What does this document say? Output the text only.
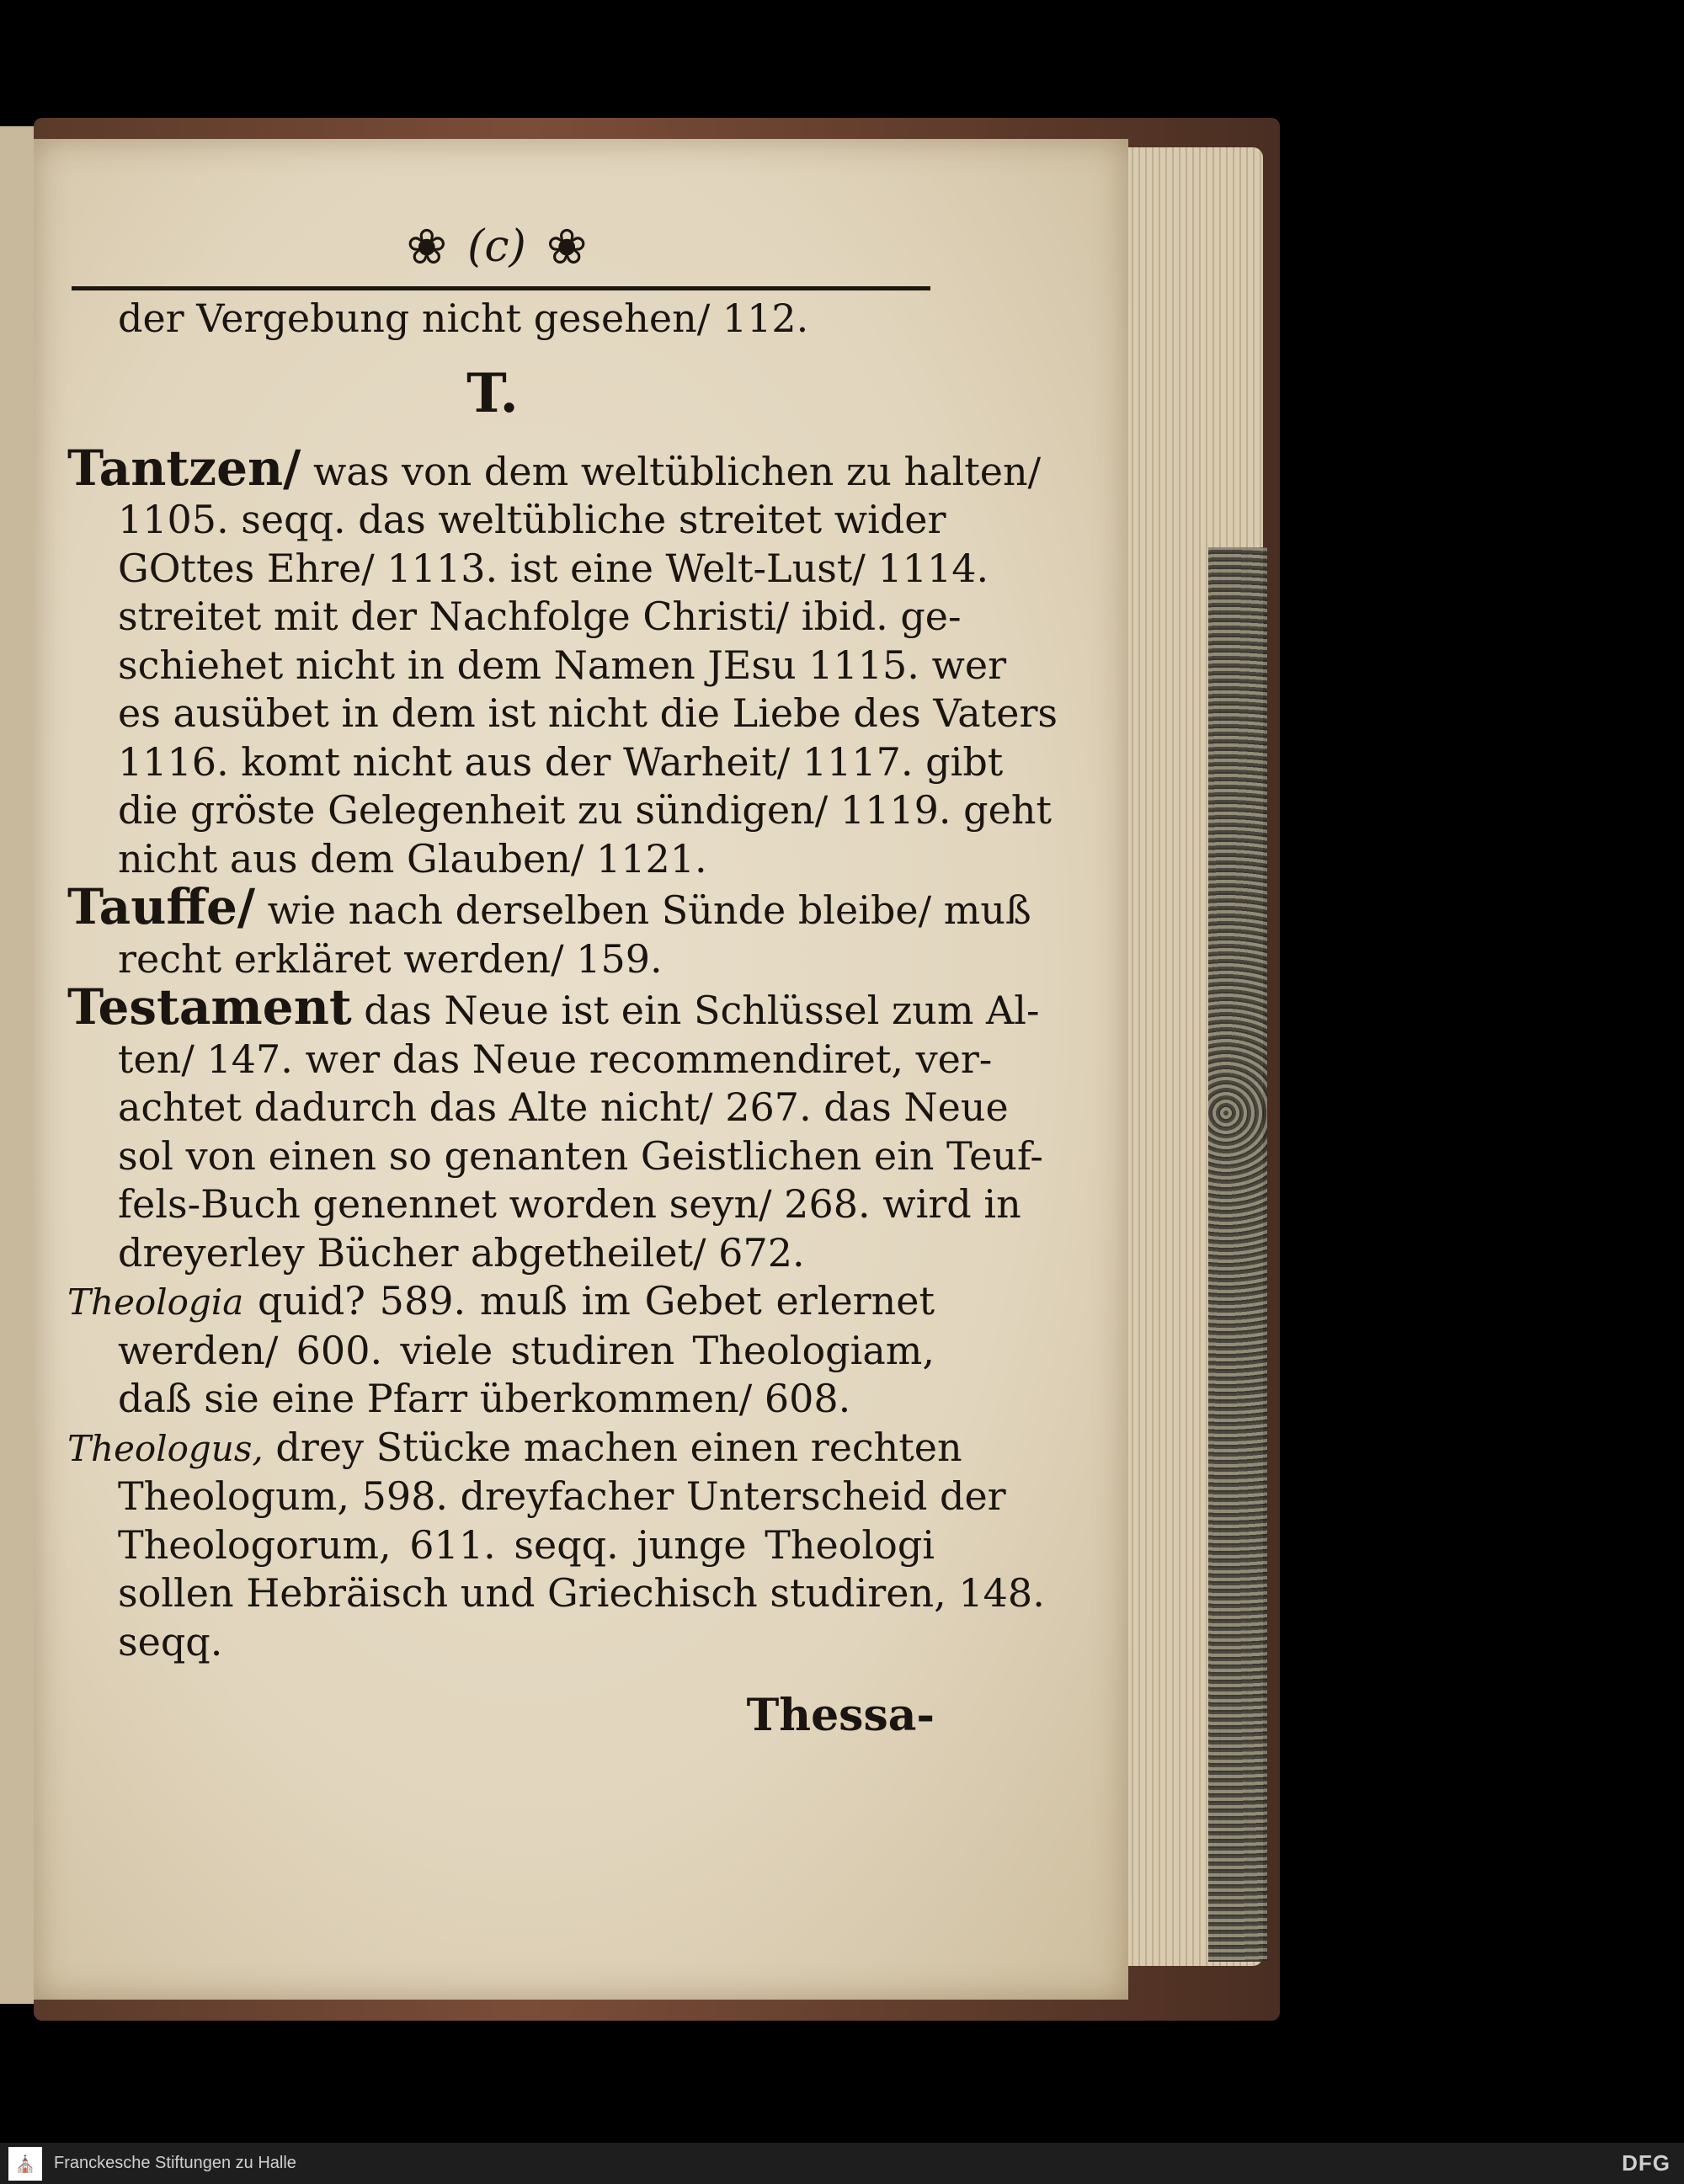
❀ (c) ❀
der Vergebung nicht gesehen/ 112.
T.
Tantzen/ was von dem weltüblichen zu halten/
1105. seqq. das weltübliche streitet wider
GOttes Ehre/ 1113. ist eine Welt-Lust/ 1114.
streitet mit der Nachfolge Christi/ ibid. ge-
schiehet nicht in dem Namen JEsu 1115. wer
es ausübet in dem ist nicht die Liebe des Vaters
1116. komt nicht aus der Warheit/ 1117. gibt
die gröste Gelegenheit zu sündigen/ 1119. geht
nicht aus dem Glauben/ 1121.
Tauffe/ wie nach derselben Sünde bleibe/ muß
recht erkläret werden/ 159.
Testament das Neue ist ein Schlüssel zum Al-
ten/ 147. wer das Neue recommendiret, ver-
achtet dadurch das Alte nicht/ 267. das Neue
sol von einen so genanten Geistlichen ein Teuf-
fels-Buch genennet worden seyn/ 268. wird in
dreyerley Bücher abgetheilet/ 672.
Theologia quid? 589. muß im Gebet erlernet
werden/ 600. viele studiren Theologiam,
daß sie eine Pfarr überkommen/ 608.
Theologus, drey Stücke machen einen rechten
Theologum, 598. dreyfacher Unterscheid der
Theologorum, 611. seqq. junge Theologi
sollen Hebräisch und Griechisch studiren, 148.
seqq.
Thessa-
⛪	Franckesche Stiftungen zu Halle	DFG
